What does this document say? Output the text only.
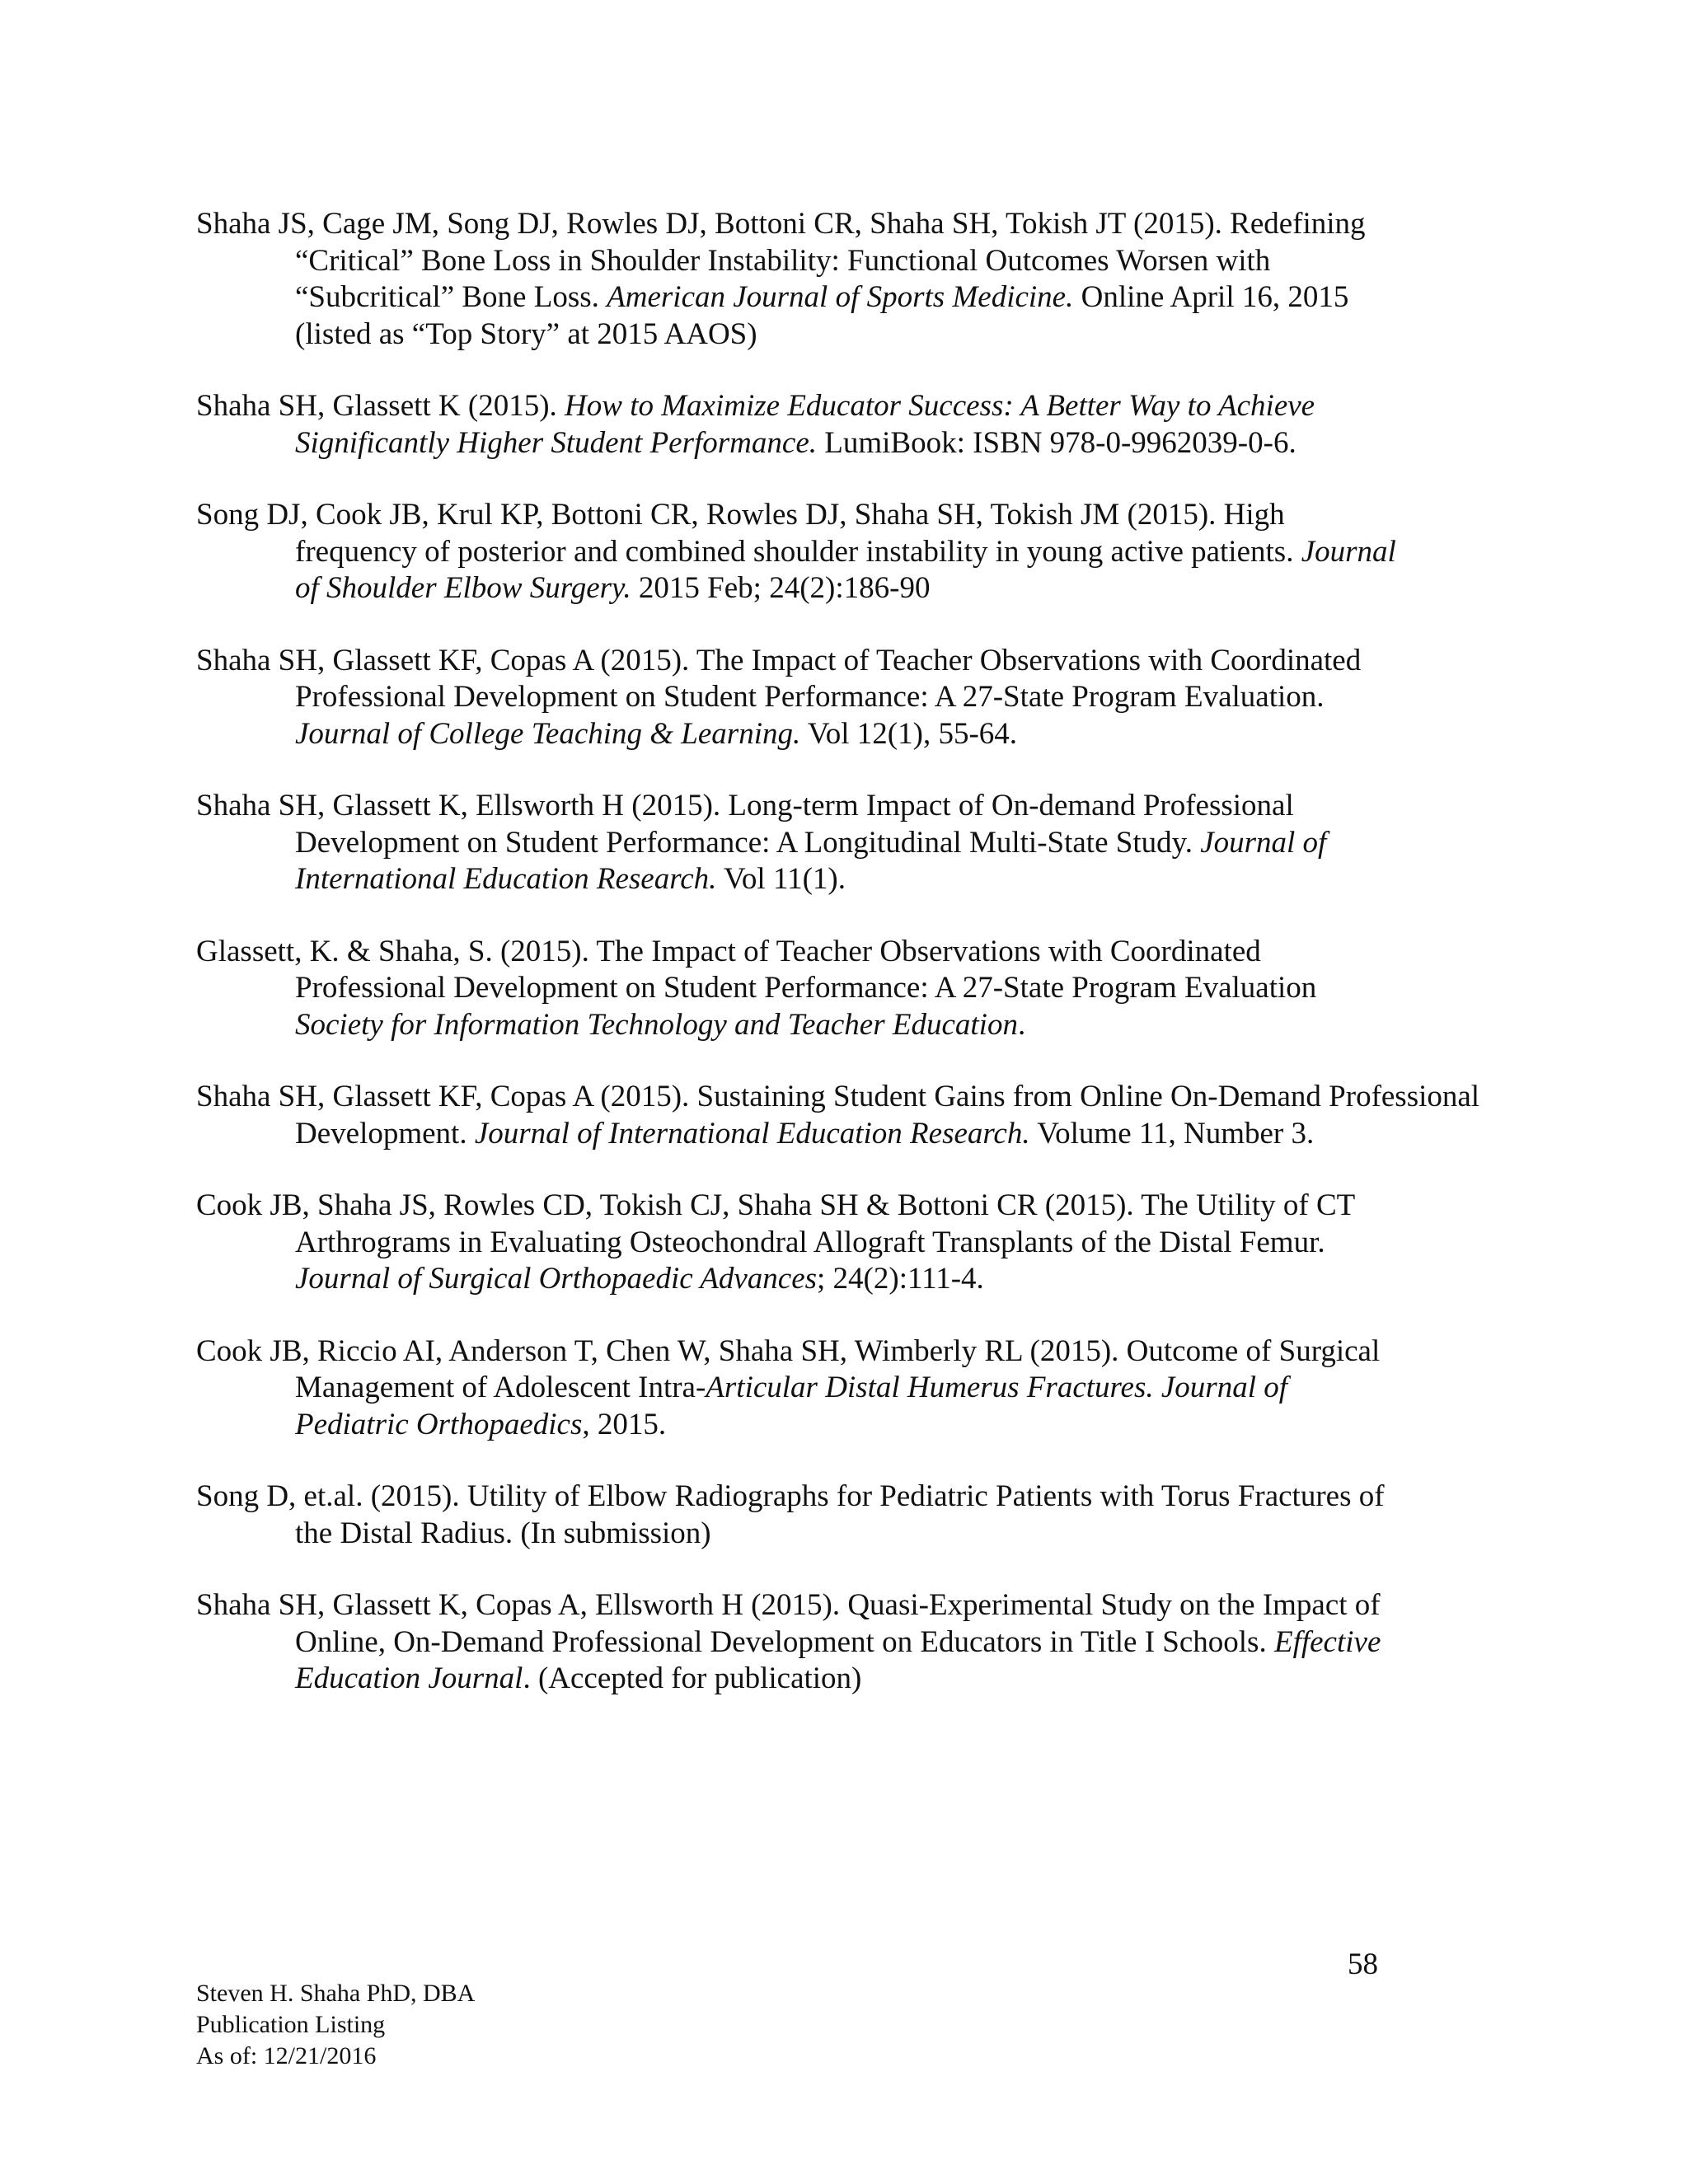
Shaha JS, Cage JM, Song DJ, Rowles DJ, Bottoni CR, Shaha SH, Tokish JT (2015). Redefining
“Critical” Bone Loss in Shoulder Instability: Functional Outcomes Worsen with
“Subcritical” Bone Loss. American Journal of Sports Medicine. Online April 16, 2015
(listed as “Top Story” at 2015 AAOS)
Shaha SH, Glassett K (2015). How to Maximize Educator Success: A Better Way to Achieve
Significantly Higher Student Performance. LumiBook: ISBN 978-0-9962039-0-6.
Song DJ, Cook JB, Krul KP, Bottoni CR, Rowles DJ, Shaha SH, Tokish JM (2015). High
frequency of posterior and combined shoulder instability in young active patients. Journal
of Shoulder Elbow Surgery. 2015 Feb; 24(2):186-90
Shaha SH, Glassett KF, Copas A (2015). The Impact of Teacher Observations with Coordinated
Professional Development on Student Performance: A 27-State Program Evaluation.
Journal of College Teaching & Learning. Vol 12(1), 55-64.
Shaha SH, Glassett K, Ellsworth H (2015). Long-term Impact of On-demand Professional
Development on Student Performance: A Longitudinal Multi-State Study. Journal of
International Education Research. Vol 11(1).
Glassett, K. & Shaha, S. (2015). The Impact of Teacher Observations with Coordinated
Professional Development on Student Performance: A 27-State Program Evaluation
Society for Information Technology and Teacher Education.
Shaha SH, Glassett KF, Copas A (2015). Sustaining Student Gains from Online On-Demand Professional
Development. Journal of International Education Research. Volume 11, Number 3.
Cook JB, Shaha JS, Rowles CD, Tokish CJ, Shaha SH & Bottoni CR (2015). The Utility of CT
Arthrograms in Evaluating Osteochondral Allograft Transplants of the Distal Femur.
Journal of Surgical Orthopaedic Advances; 24(2):111-4.
Cook JB, Riccio AI, Anderson T, Chen W, Shaha SH, Wimberly RL (2015). Outcome of Surgical
Management of Adolescent Intra-Articular Distal Humerus Fractures. Journal of
Pediatric Orthopaedics, 2015.
Song D, et.al. (2015). Utility of Elbow Radiographs for Pediatric Patients with Torus Fractures of
the Distal Radius. (In submission)
Shaha SH, Glassett K, Copas A, Ellsworth H (2015). Quasi-Experimental Study on the Impact of
Online, On-Demand Professional Development on Educators in Title I Schools. Effective
Education Journal. (Accepted for publication)
58
Steven H. Shaha PhD, DBA
Publication Listing
As of: 12/21/2016
